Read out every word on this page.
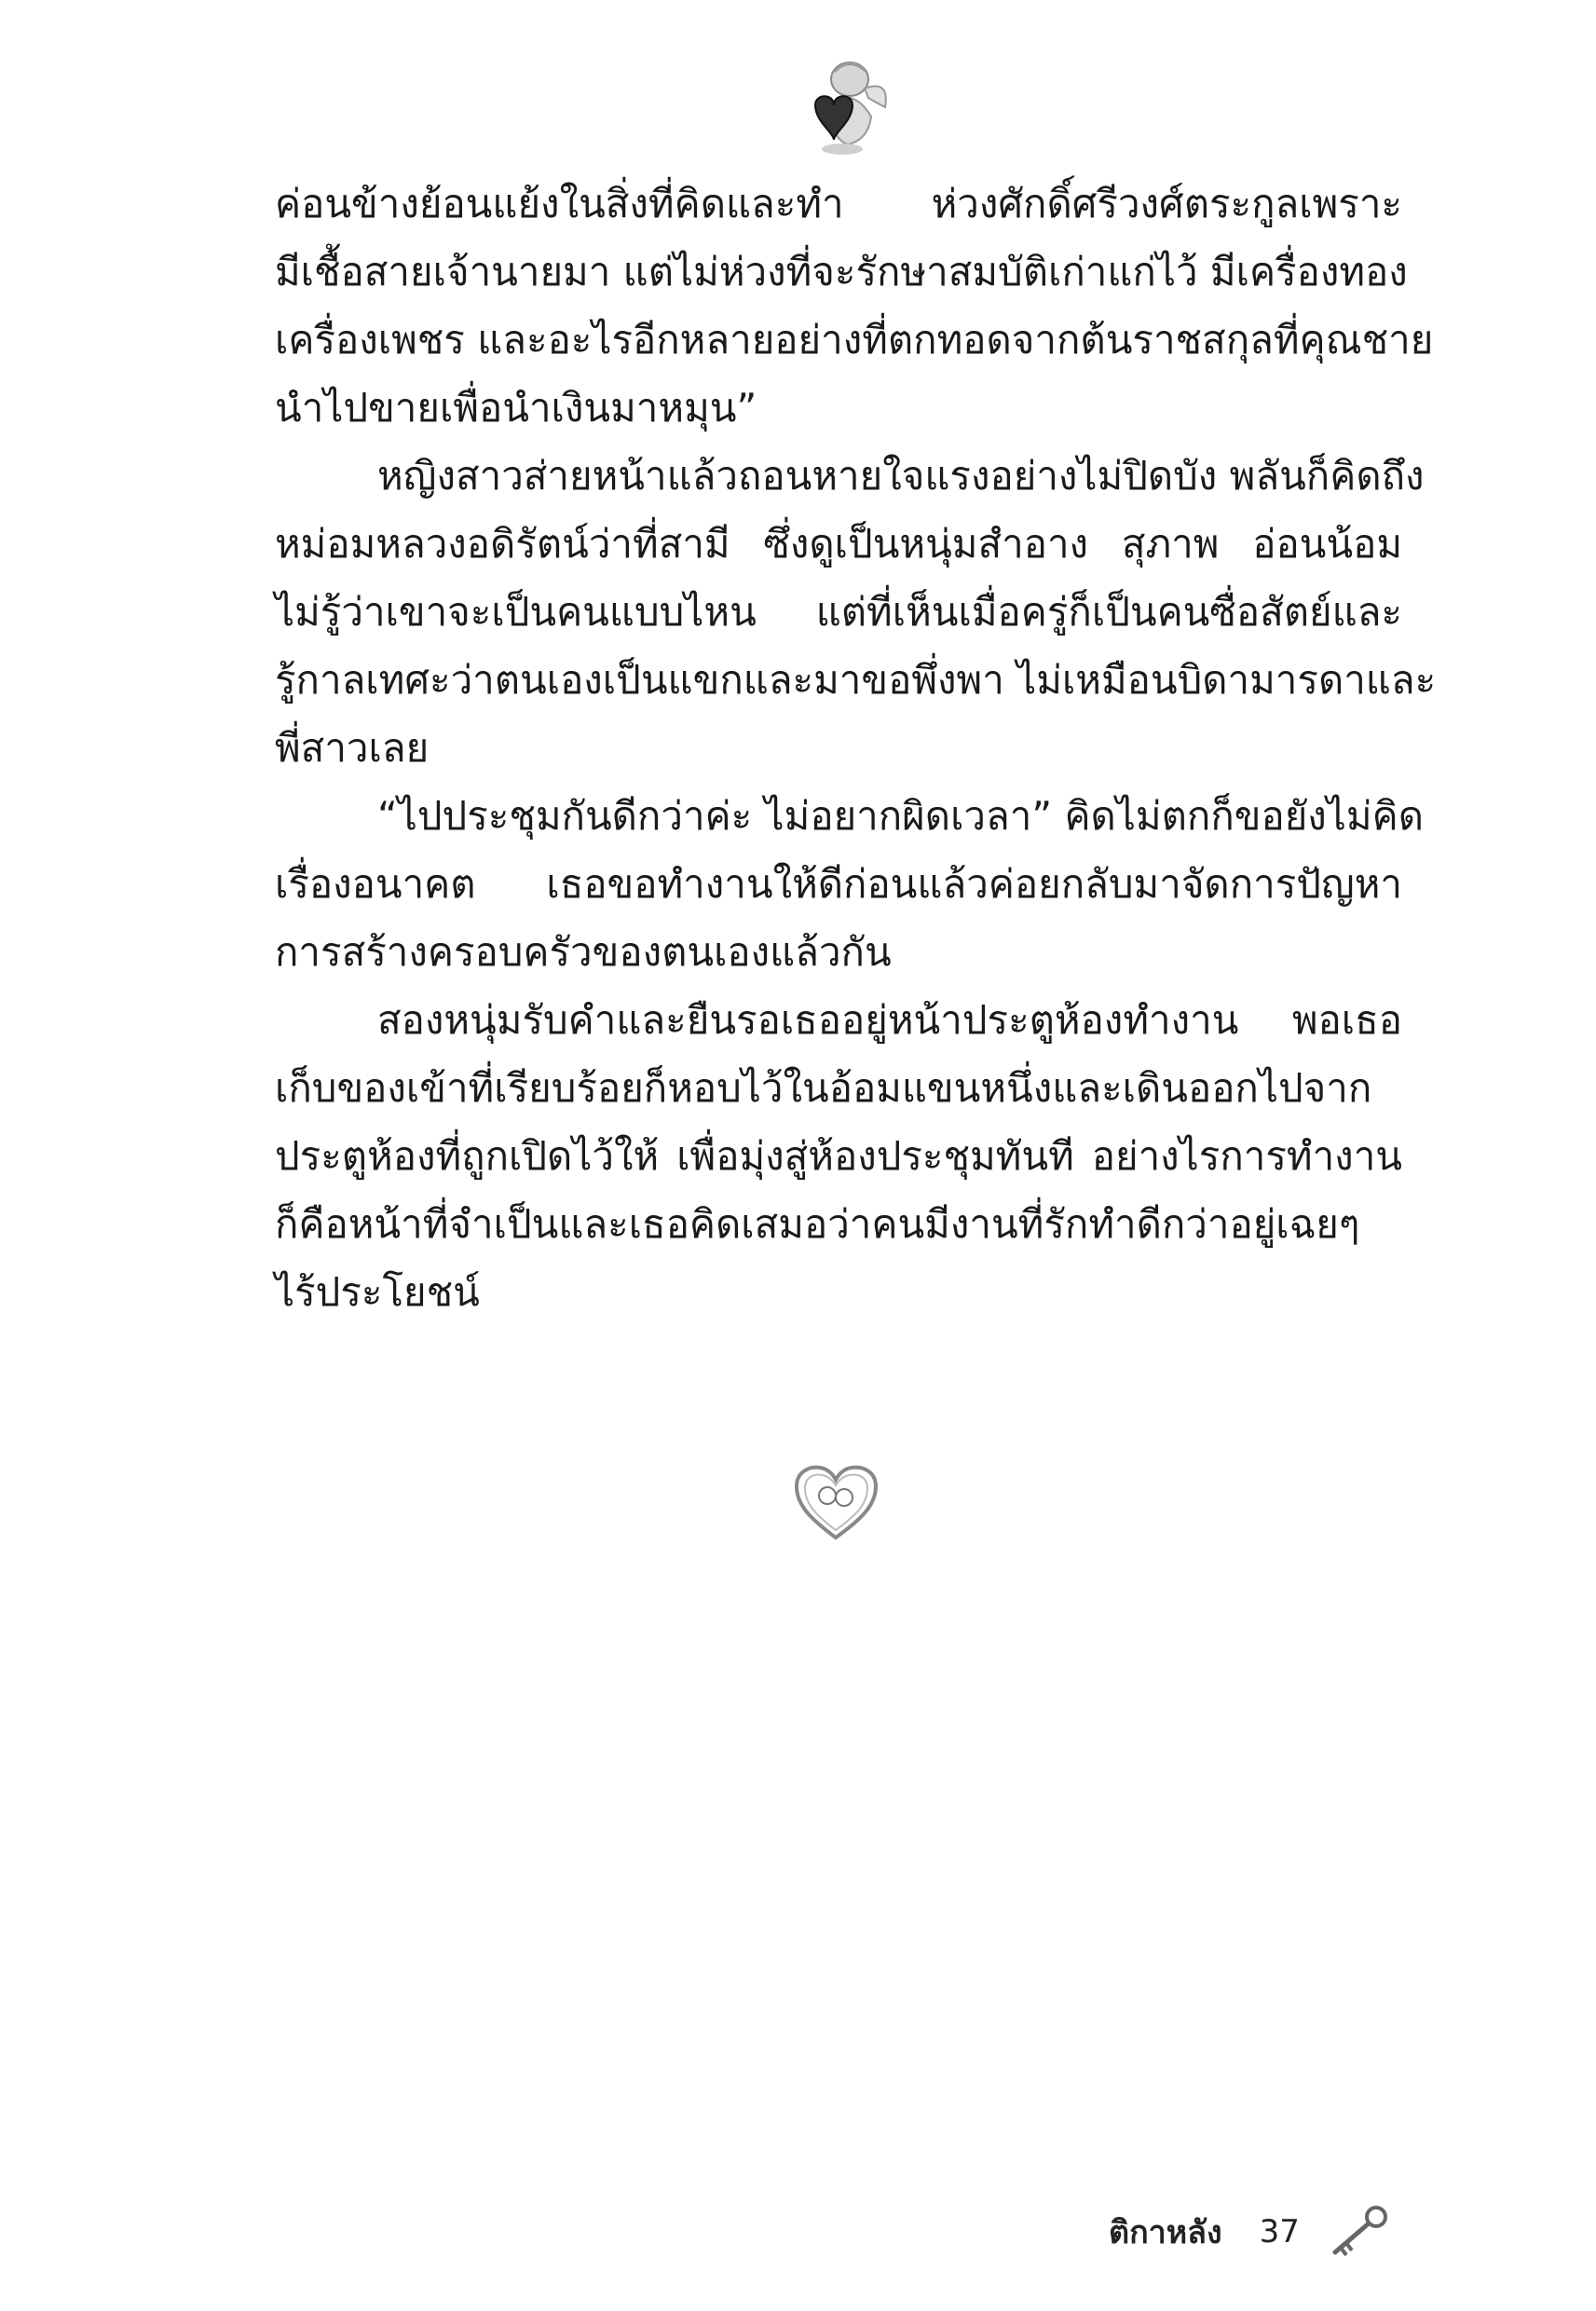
ค่อนข้างย้อนแย้งในสิ่งที่คิดและทำ ห่วงศักดิ์ศรีวงศ์ตระกูลเพราะ
มีเชื้อสายเจ้านายมา แต่ไม่ห่วงที่จะรักษาสมบัติเก่าแก่ไว้ มีเครื่องทอง
เครื่องเพชร และอะไรอีกหลายอย่างที่ตกทอดจากต้นราชสกุลที่คุณชาย
นำไปขายเพื่อนำเงินมาหมุน”
หญิงสาวส่ายหน้าแล้วถอนหายใจแรงอย่างไม่ปิดบัง พลันก็คิดถึง
หม่อมหลวงอดิรัตน์ว่าที่สามี ซึ่งดูเป็นหนุ่มสำอาง สุภาพ อ่อนน้อม
ไม่รู้ว่าเขาจะเป็นคนแบบไหน แต่ที่เห็นเมื่อครู่ก็เป็นคนซื่อสัตย์และ
รู้กาลเทศะว่าตนเองเป็นแขกและมาขอพึ่งพา ไม่เหมือนบิดามารดาและ
พี่สาวเลย
“ไปประชุมกันดีกว่าค่ะ ไม่อยากผิดเวลา” คิดไม่ตกก็ขอยังไม่คิด
เรื่องอนาคต เธอขอทำงานให้ดีก่อนแล้วค่อยกลับมาจัดการปัญหา
การสร้างครอบครัวของตนเองแล้วกัน
สองหนุ่มรับคำและยืนรอเธออยู่หน้าประตูห้องทำงาน พอเธอ
เก็บของเข้าที่เรียบร้อยก็หอบไว้ในอ้อมแขนหนึ่งและเดินออกไปจาก
ประตูห้องที่ถูกเปิดไว้ให้ เพื่อมุ่งสู่ห้องประชุมทันที อย่างไรการทำงาน
ก็คือหน้าที่จำเป็นและเธอคิดเสมอว่าคนมีงานที่รักทำดีกว่าอยู่เฉยๆ
ไร้ประโยชน์
ติกาหลัง 37
